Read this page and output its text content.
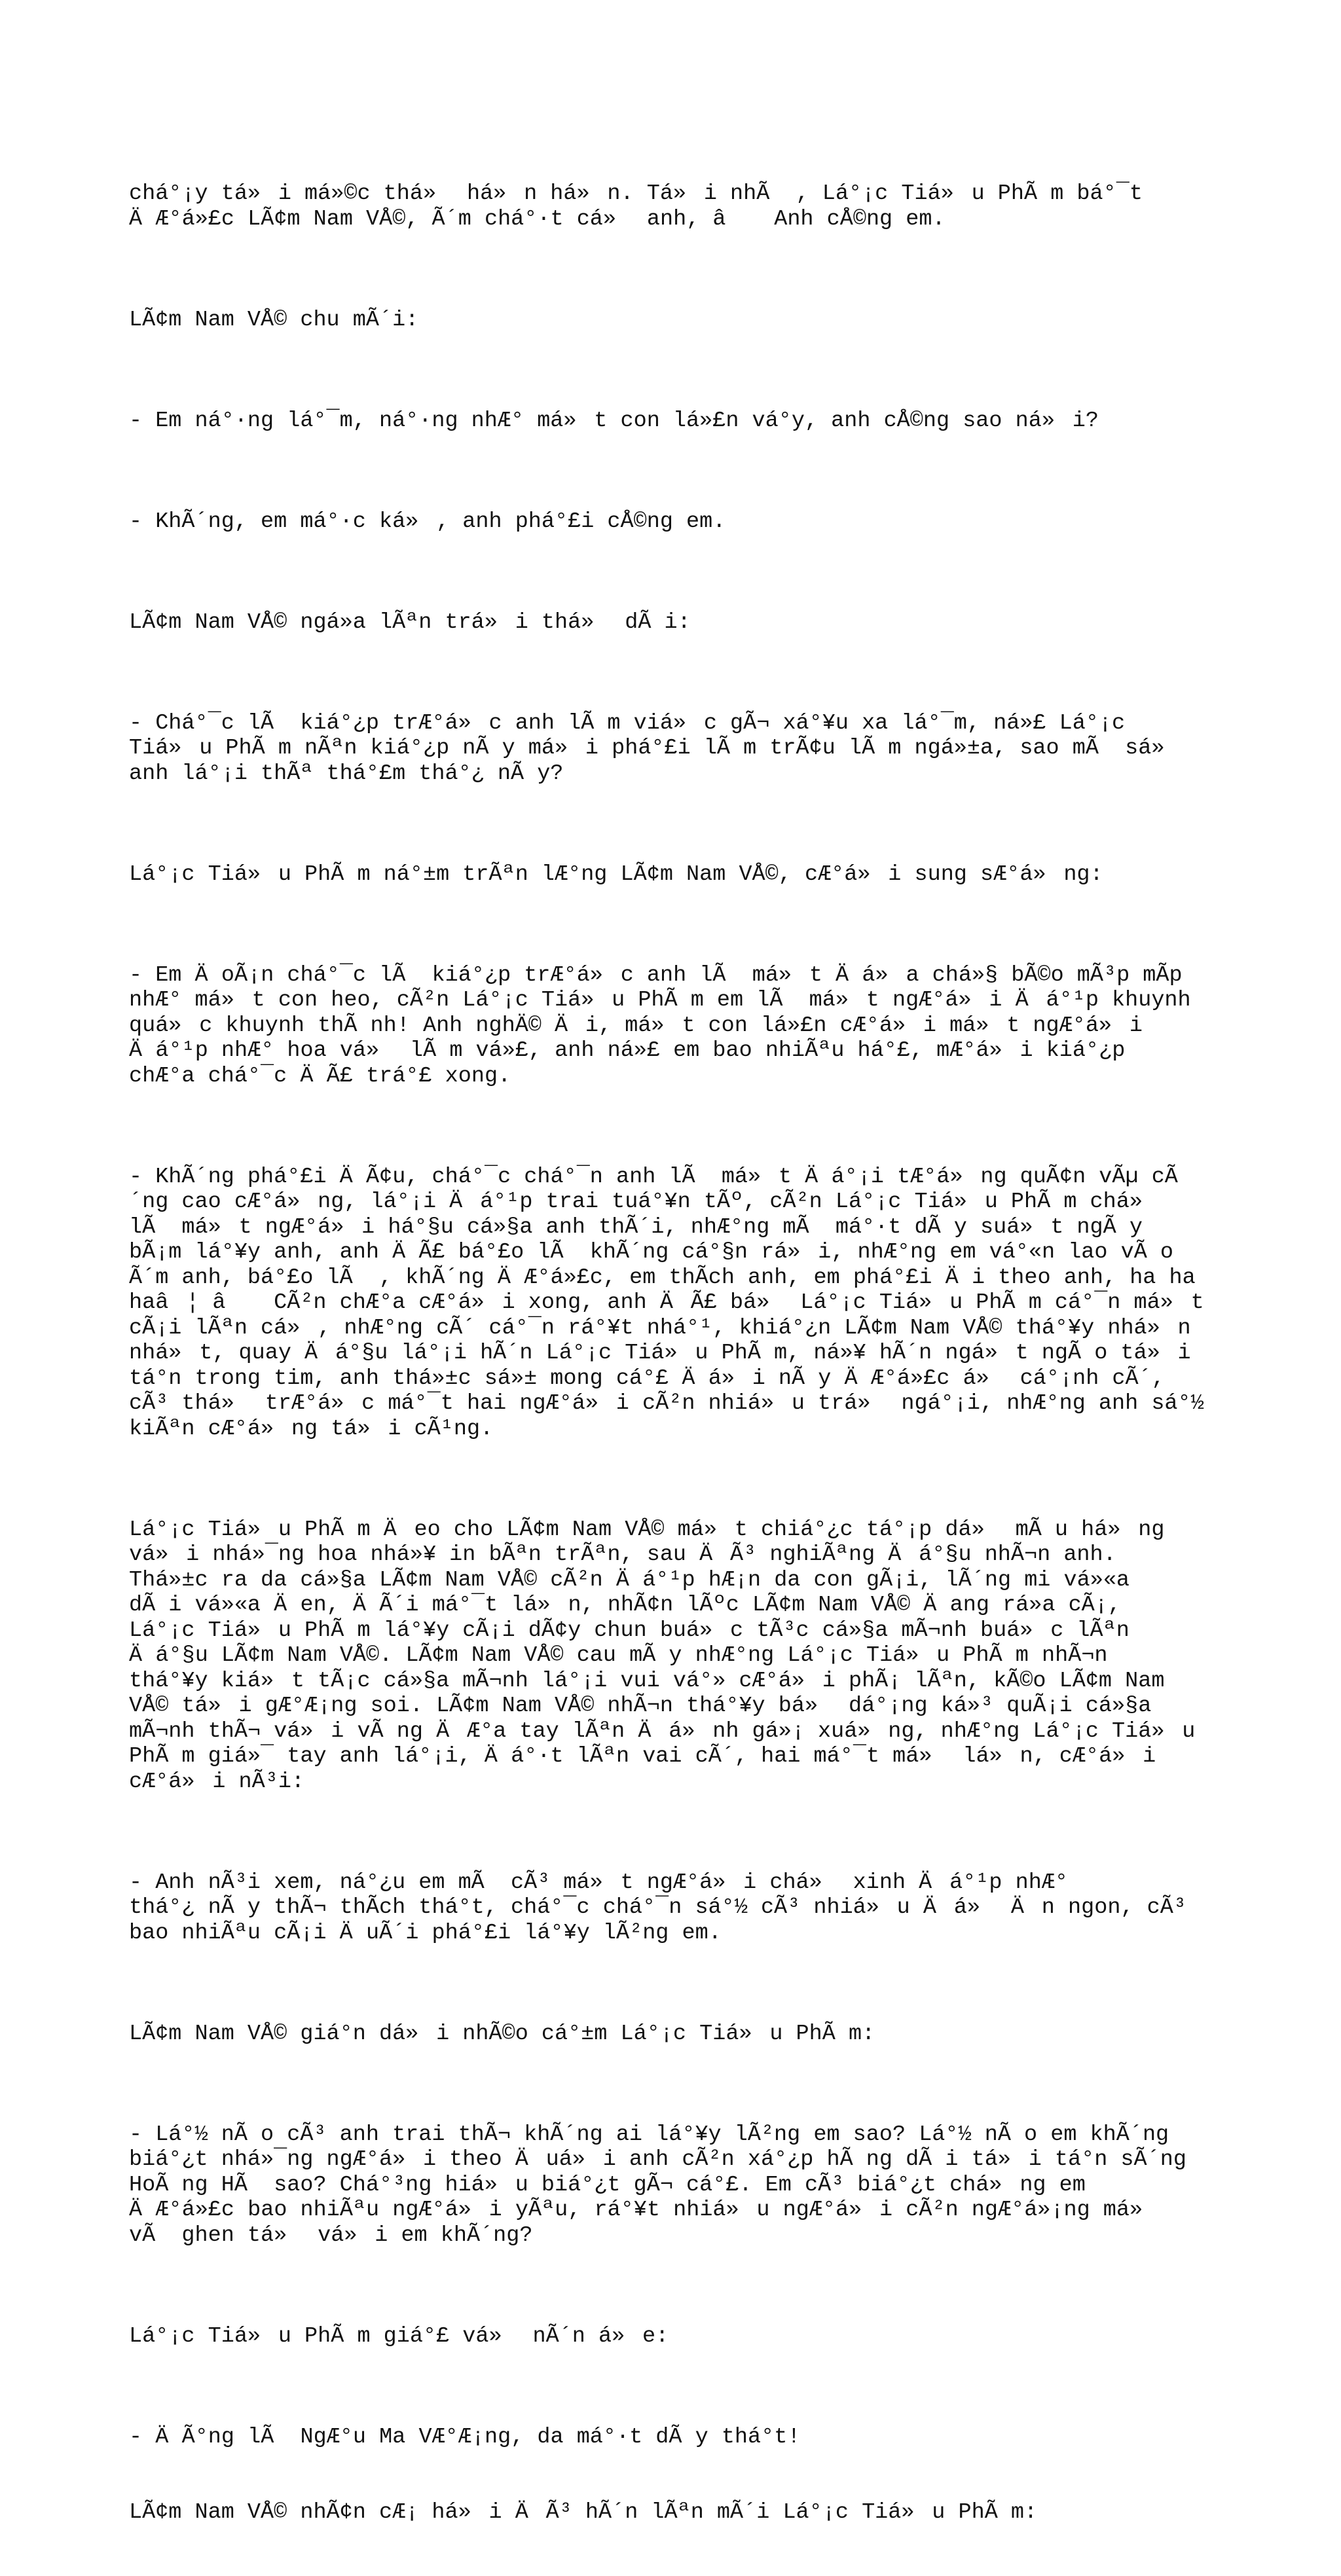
chá°¡y tá»i má»©c thá» há»n há»n. Tá»i nhÃ  , Lá°¡c Tiá»u PhÃ m bá°¯t
ÄÆ°á»£c LÃ¢m Nam VÅ©, Ã´m chá°·t cá» anh, â Anh cÅ©ng em.

LÃ¢m Nam VÅ© chu mÃ´i:

- Em ná°·ng lá°¯m, ná°·ng nhÆ° má»t con lá»£n vá°y, anh cÅ©ng sao ná»i?

- KhÃ´ng, em má°·c ká», anh phá°£i cÅ©ng em.

LÃ¢m Nam VÅ© ngá»a lÃªn trá»i thá» dÃ i:

- Chá°¯c lÃ  kiá°¿p trÆ°á»c anh lÃ m viá»c gÃ¬ xá°¥u xa lá°¯m, ná»£ Lá°¡c
Tiá»u PhÃ m nÃªn kiá°¿p nÃ y má»i phá°£i lÃ m trÃ¢u lÃ m ngá»±a, sao mÃ  sá»
anh lá°¡i thÃª thá°£m thá°¿ nÃ y?

Lá°¡c Tiá»u PhÃ m ná°±m trÃªn lÆ°ng LÃ¢m Nam VÅ©, cÆ°á»i sung sÆ°á»ng:

- Em ÄoÃ¡n chá°¯c lÃ  kiá°¿p trÆ°á»c anh lÃ  má»t Äá»a chá»§ bÃ©o mÃ³p mÃp
nhÆ° má»t con heo, cÃ²n Lá°¡c Tiá»u PhÃ m em lÃ  má»t ngÆ°á»i Äá°¹p khuynh
quá»c khuynh thÃ nh! Anh nghÄ© Äi, má»t con lá»£n cÆ°á»i má»t ngÆ°á»i
Äá°¹p nhÆ° hoa vá» lÃ m vá»£, anh ná»£ em bao nhiÃªu há°£, mÆ°á»i kiá°¿p
chÆ°a chá°¯c ÄÃ£ trá°£ xong.

- KhÃ´ng phá°£i ÄÃ¢u, chá°¯c chá°¯n anh lÃ  má»t Äá°¡i tÆ°á»ng quÃ¢n vÃµ cÃ
´ng cao cÆ°á»ng, lá°¡i Äá°¹p trai tuá°¥n tÃº, cÃ²n Lá°¡c Tiá»u PhÃ m chá»
lÃ  má»t ngÆ°á»i há°§u cá»§a anh thÃ´i, nhÆ°ng mÃ  má°·t dÃ y suá»t ngÃ y
bÃ¡m lá°¥y anh, anh ÄÃ£ bá°£o lÃ  khÃ´ng cá°§n rá»i, nhÆ°ng em vá°«n lao vÃ o
Ã´m anh, bá°£o lÃ  , khÃ´ng ÄÆ°á»£c, em thÃch anh, em phá°£i Äi theo anh, ha ha
haâ¦ â CÃ²n chÆ°a cÆ°á»i xong, anh ÄÃ£ bá» Lá°¡c Tiá»u PhÃ m cá°¯n má»t
cÃ¡i lÃªn cá», nhÆ°ng cÃ´ cá°¯n rá°¥t nhá°¹, khiá°¿n LÃ¢m Nam VÅ© thá°¥y nhá»n
nhá»t, quay Äá°§u lá°¡i hÃ´n Lá°¡c Tiá»u PhÃ m, ná»¥ hÃ´n ngá»t ngÃ o tá»i
tá°n trong tim, anh thá»±c sá»± mong cá°£ Äá»i nÃ y ÄÆ°á»£c á» cá°¡nh cÃ´,
cÃ³ thá» trÆ°á»c má°¯t hai ngÆ°á»i cÃ²n nhiá»u trá» ngá°¡i, nhÆ°ng anh sá°½
kiÃªn cÆ°á»ng tá»i cÃ¹ng.

Lá°¡c Tiá»u PhÃ m Äeo cho LÃ¢m Nam VÅ© má»t chiá°¿c tá°¡p dá» mÃ u há»ng
vá»i nhá»¯ng hoa nhá»¥ in bÃªn trÃªn, sau ÄÃ³ nghiÃªng Äá°§u nhÃ¬n anh.
Thá»±c ra da cá»§a LÃ¢m Nam VÅ© cÃ²n Äá°¹p hÆ¡n da con gÃ¡i, lÃ´ng mi vá»«a
dÃ i vá»«a Äen, ÄÃ´i má°¯t lá»n, nhÃ¢n lÃºc LÃ¢m Nam VÅ© Äang rá»a cÃ¡,
Lá°¡c Tiá»u PhÃ m lá°¥y cÃ¡i dÃ¢y chun buá»c tÃ³c cá»§a mÃ¬nh buá»c lÃªn
Äá°§u LÃ¢m Nam VÅ©. LÃ¢m Nam VÅ© cau mÃ y nhÆ°ng Lá°¡c Tiá»u PhÃ m nhÃ¬n
thá°¥y kiá»t tÃ¡c cá»§a mÃ¬nh lá°¡i vui vá°» cÆ°á»i phÃ¡ lÃªn, kÃ©o LÃ¢m Nam
VÅ© tá»i gÆ°Æ¡ng soi. LÃ¢m Nam VÅ© nhÃ¬n thá°¥y bá» dá°¡ng ká»³ quÃ¡i cá»§a
mÃ¬nh thÃ¬ vá»i vÃ ng ÄÆ°a tay lÃªn Äá»nh gá»¡ xuá»ng, nhÆ°ng Lá°¡c Tiá»u
PhÃ m giá»¯ tay anh lá°¡i, Äá°·t lÃªn vai cÃ´, hai má°¯t má» lá»n, cÆ°á»i
cÆ°á»i nÃ³i:

- Anh nÃ³i xem, ná°¿u em mÃ  cÃ³ má»t ngÆ°á»i chá» xinh Äá°¹p nhÆ°
thá°¿ nÃ y thÃ¬ thÃch thá°t, chá°¯c chá°¯n sá°½ cÃ³ nhiá»u Äá» Än ngon, cÃ³
bao nhiÃªu cÃ¡i ÄuÃ´i phá°£i lá°¥y lÃ²ng em.

LÃ¢m Nam VÅ© giá°n dá»i nhÃ©o cá°±m Lá°¡c Tiá»u PhÃ m:

- Lá°½ nÃ o cÃ³ anh trai thÃ¬ khÃ´ng ai lá°¥y lÃ²ng em sao? Lá°½ nÃ o em khÃ´ng
biá°¿t nhá»¯ng ngÆ°á»i theo Äuá»i anh cÃ²n xá°¿p hÃ ng dÃ i tá»i tá°n sÃ´ng
HoÃ ng HÃ  sao? Chá°³ng hiá»u biá°¿t gÃ¬ cá°£. Em cÃ³ biá°¿t chá»ng em
ÄÆ°á»£c bao nhiÃªu ngÆ°á»i yÃªu, rá°¥t nhiá»u ngÆ°á»i cÃ²n ngÆ°á»¡ng má»
vÃ  ghen tá» vá»i em khÃ´ng?

Lá°¡c Tiá»u PhÃ m giá°£ vá» nÃ´n á»e:

- ÄÃ°ng lÃ  NgÆ°u Ma VÆ°Æ¡ng, da má°·t dÃ y thá°t!

LÃ¢m Nam VÅ© nhÃ¢n cÆ¡ há»i ÄÃ³ hÃ´n lÃªn mÃ´i Lá°¡c Tiá»u PhÃ m:
